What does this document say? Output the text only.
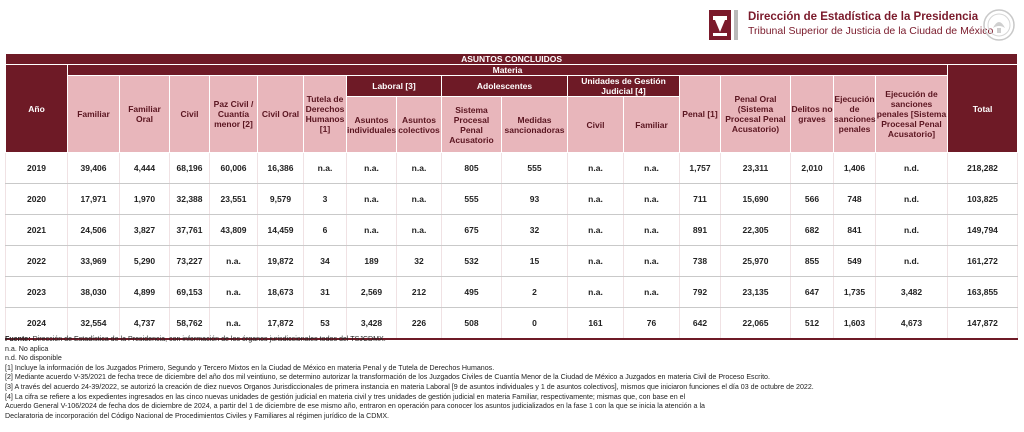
Dirección de Estadística de la Presidencia
Tribunal Superior de Justicia de la Ciudad de México
ASUNTOS CONCLUIDOS																		
Año	Materia																	Total
	Familiar	Familiar Oral	Civil	Paz Civil / Cuantía menor [2]	Civil Oral	Tutela de Derechos Humanos [1]	Laboral [3]		Adolescentes		Unidades de Gestión Judicial [4]		Penal [1]	Penal Oral (Sistema Procesal Penal Acusatorio)	Delitos no graves	Ejecución de sanciones penales	Ejecución de sanciones penales [Sistema Procesal Penal Acusatorio]	
							Asuntos individuales	Asuntos colectivos	Sistema Procesal Penal Acusatorio	Medidas sancionadoras	Civil	Familiar						

2019	39,406	4,444	68,196	60,006	16,386	n.a.	n.a.	n.a.	805	555	n.a.	n.a.	1,757	23,311	2,010	1,406	n.d.	218,282
2020	17,971	1,970	32,388	23,551	9,579	3	n.a.	n.a.	555	93	n.a.	n.a.	711	15,690	566	748	n.d.	103,825
2021	24,506	3,827	37,761	43,809	14,459	6	n.a.	n.a.	675	32	n.a.	n.a.	891	22,305	682	841	n.d.	149,794
2022	33,969	5,290	73,227	n.a.	19,872	34	189	32	532	15	n.a.	n.a.	738	25,970	855	549	n.d.	161,272
2023	38,030	4,899	69,153	n.a.	18,673	31	2,569	212	495	2	n.a.	n.a.	792	23,135	647	1,735	3,482	163,855
2024	32,554	4,737	58,762	n.a.	17,872	53	3,428	226	508	0	161	76	642	22,065	512	1,603	4,673	147,872

Fuente: Dirección de Estadística de la Presidencia, con información de los órganos jurisdiccionales todos del TSJCDMX.

n.a. No aplica

n.d. No disponible

[1] Incluye la información de los Juzgados Primero, Segundo y Tercero Mixtos en la Ciudad de México en materia Penal y de Tutela de Derechos Humanos.

[2] Mediante acuerdo V-35/2021 de fecha trece de diciembre del año dos mil veintiuno, se determino autorizar la transformación de los Juzgados Civiles de Cuantía Menor de la Ciudad de México a Juzgados en materia Civil de Proceso Escrito.

[3] A través del acuerdo 24-39/2022, se autorizó la creación de diez nuevos Organos Jurisdiccionales de primera instancia en materia Laboral [9 de asuntos individuales y 1 de asuntos colectivos], mismos que iniciaron funciones el día 03 de octubre de 2022.

[4] La cifra se refiere a los expedientes ingresados en las cinco nuevas unidades de gestión judicial en materia civil y tres unidades de gestión judicial en materia Familiar, respectivamente; mismas que, con base en el

Acuerdo General V-106/2024 de fecha dos de diciembre de 2024, a partir del 1 de diciembre de ese mismo año, entraron en operación para conocer los asuntos judicializados en la fase 1 con la que se inicia la atención a la

Declaratoria de incorporación del Código Nacional de Procedimientos Civiles y Familiares al régimen jurídico de la CDMX.
